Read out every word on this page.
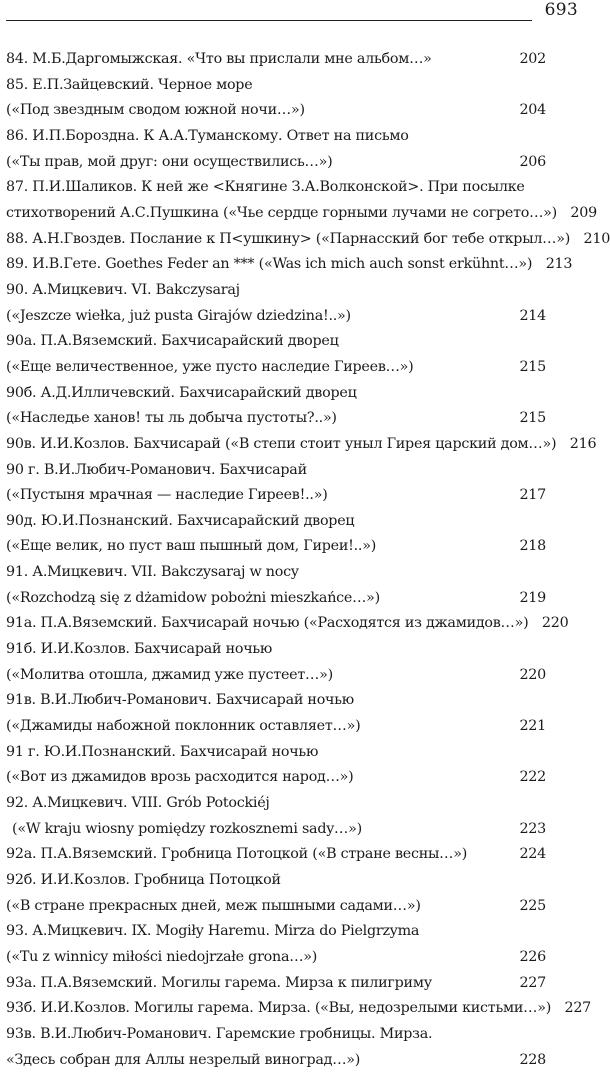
693
84. М.Б.Даргомыжская. «Что вы прислали мне альбом…»	202
85. Е.П.Зайцевский. Черное море
(«Под звездным сводом южной ночи…»)	204
86. И.П.Бороздна. К А.А.Туманскому. Ответ на письмо
(«Ты прав, мой друг: они осуществились…»)	206
87. П.И.Шаликов. К ней же <Княгине З.А.Волконской>. При посылке
стихотворений А.С.Пушкина («Чье сердце горными лучами не согрето…») 209
88. А.Н.Гвоздев. Послание к П<ушкину> («Парнасский бог тебе открыл…») 210
89. И.В.Гете. Goethes Feder an *** («Was ich mich auch sonst erkühnt…») 213
90. А.Мицкевич. VI. Bakczysaraj
(«Jeszcze wiełka, już pusta Girajów dziedzina!..»)	214
90а. П.А.Вяземский. Бахчисарайский дворец
(«Еще величественное, уже пусто наследие Гиреев…»)	215
90б. А.Д.Илличевский. Бахчисарайский дворец
(«Наследье ханов! ты ль добыча пустоты?..»)	215
90в. И.И.Козлов. Бахчисарай («В степи стоит уныл Гирея царский дом…») 216
90 г. В.И.Любич-Романович. Бахчисарай
(«Пустыня мрачная — наследие Гиреев!..»)	217
90д. Ю.И.Познанский. Бахчисарайский дворец
(«Еще велик, но пуст ваш пышный дом, Гиреи!..»)	218
91. А.Мицкевич. VII. Bakczysaraj w nocy
(«Rozchodzą się z dżamidow pobożni mieszkańce…»)	219
91а. П.А.Вяземский. Бахчисарай ночью («Расходятся из джамидов…») 220
91б. И.И.Козлов. Бахчисарай ночью
(«Молитва отошла, джамид уже пустеет…»)	220
91в. В.И.Любич-Романович. Бахчисарай ночью
(«Джамиды набожной поклонник оставляет…»)	221
91 г. Ю.И.Познанский. Бахчисарай ночью
(«Вот из джамидов врозь расходится народ…»)	222
92. А.Мицкевич. VIII. Grób Potockiéj
(«W kraju wiosny pomiędzy rozkosznemi sady…»)	223
92а. П.А.Вяземский. Гробница Потоцкой («В стране весны…»)	224
92б. И.И.Козлов. Гробница Потоцкой
(«В стране прекрасных дней, меж пышными садами…»)	225
93. А.Мицкевич. IX. Mogiły Haremu. Mirza do Pielgrzyma
(«Tu z winnicy miłości niedojrzałe grona…»)	226
93а. П.А.Вяземский. Могилы гарема. Мирза к пилигриму	227
93б. И.И.Козлов. Могилы гарема. Мирза. («Вы, недозрелыми кистьми…») 227
93в. В.И.Любич-Романович. Гаремские гробницы. Мирза.
«Здесь собран для Аллы незрелый виноград…»)	228
